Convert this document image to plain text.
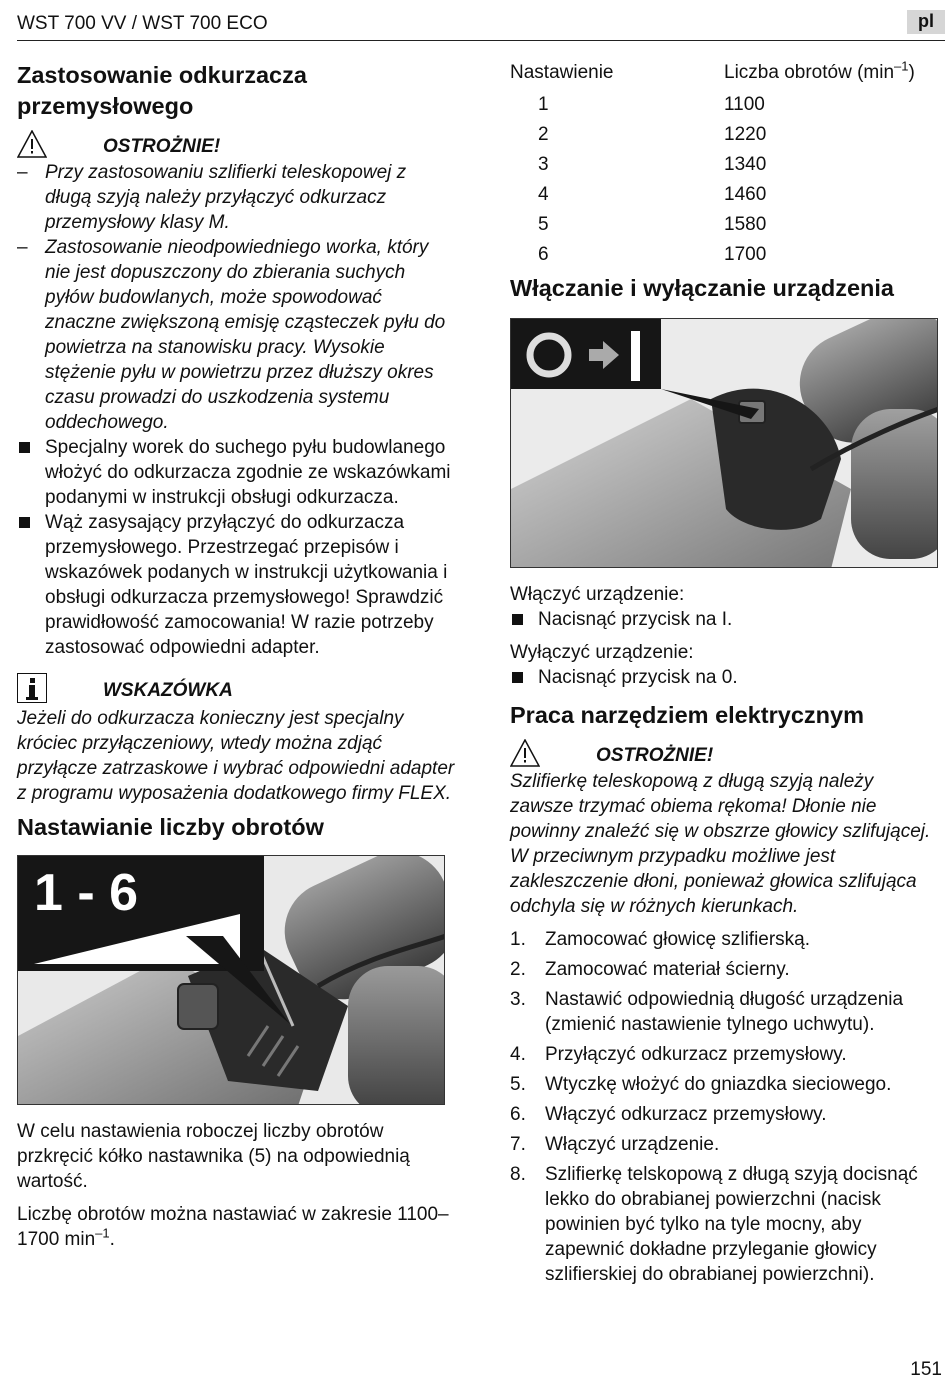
WST 700 VV / WST 700 ECO	pl
Zastosowanie odkurzacza przemysłowego
OSTROŻNIE!
– Przy zastosowaniu szlifierki teleskopowej z długą szyją należy przyłączyć odkurzacz przemysłowy klasy M.
– Zastosowanie nieodpowiedniego worka, który nie jest dopuszczony do zbierania suchych pyłów budowlanych, może spowodować znaczne zwiększoną emisję cząsteczek pyłu do powietrza na stanowisku pracy. Wysokie stężenie pyłu w powietrzu przez dłuższy okres czasu prowadzi do uszkodzenia systemu oddechowego.
Specjalny worek do suchego pyłu budowlanego włożyć do odkurzacza zgodnie ze wskazówkami podanymi w instrukcji obsługi odkurzacza.
Wąż zasysający przyłączyć do odkurzacza przemysłowego. Przestrzegać przepisów i wskazówek podanych w instrukcji użytkowania i obsługi odkurzacza przemysłowego! Sprawdzić prawidłowość zamocowania! W razie potrzeby zastosować odpowiedni adapter.
WSKAZÓWKA

Jeżeli do odkurzacza konieczny jest specjalny króciec przyłączeniowy, wtedy można zdjąć przyłącze zatrzaskowe i wybrać odpowiedni adapter z programu wyposażenia dodatkowego firmy FLEX.

Nastawianie liczby obrotów
1 - 6

W celu nastawienia roboczej liczby obrotów przkręcić kółko nastawnika (5) na odpowiednią wartość.

Liczbę obrotów można nastawiać w zakresie 1100–1700 $\min^{-1}$.

Nastawienie	Liczba obrotów $(\min^{-1})$
1	1100
2	1220
3	1340
4	1460
5	1580
6	1700
Włączanie i wyłączanie urządzenia

Włączyć urządzenie:

Nacisnąć przycisk na I.

Wyłączyć urządzenie:

Nacisnąć przycisk na 0.
Praca narzędziem elektrycznym
OSTROŻNIE!

Szlifierkę teleskopową z długą szyją należy zawsze trzymać obiema rękoma! Dłonie nie powinny znaleźć się w obszrze głowicy szlifującej. W przeciwnym przypadku możliwe jest zakleszczenie dłoni, ponieważ głowica szlifująca odchyla się w różnych kierunkach.

1. Zamocować głowicę szlifierską.
2. Zamocować materiał ścierny.
3. Nastawić odpowiednią długość urządzenia (zmienić nastawienie tylnego uchwytu).
4. Przyłączyć odkurzacz przemysłowy.
5. Wtyczkę włożyć do gniazdka sieciowego.
6. Włączyć odkurzacz przemysłowy.
7. Włączyć urządzenie.
8. Szlifierkę telskopową z długą szyją docisnąć lekko do obrabianej powierzchni (nacisk powinien być tylko na tyle mocny, aby zapewnić dokładne przyleganie głowicy szlifierskiej do obrabianej powierzchni).
151
